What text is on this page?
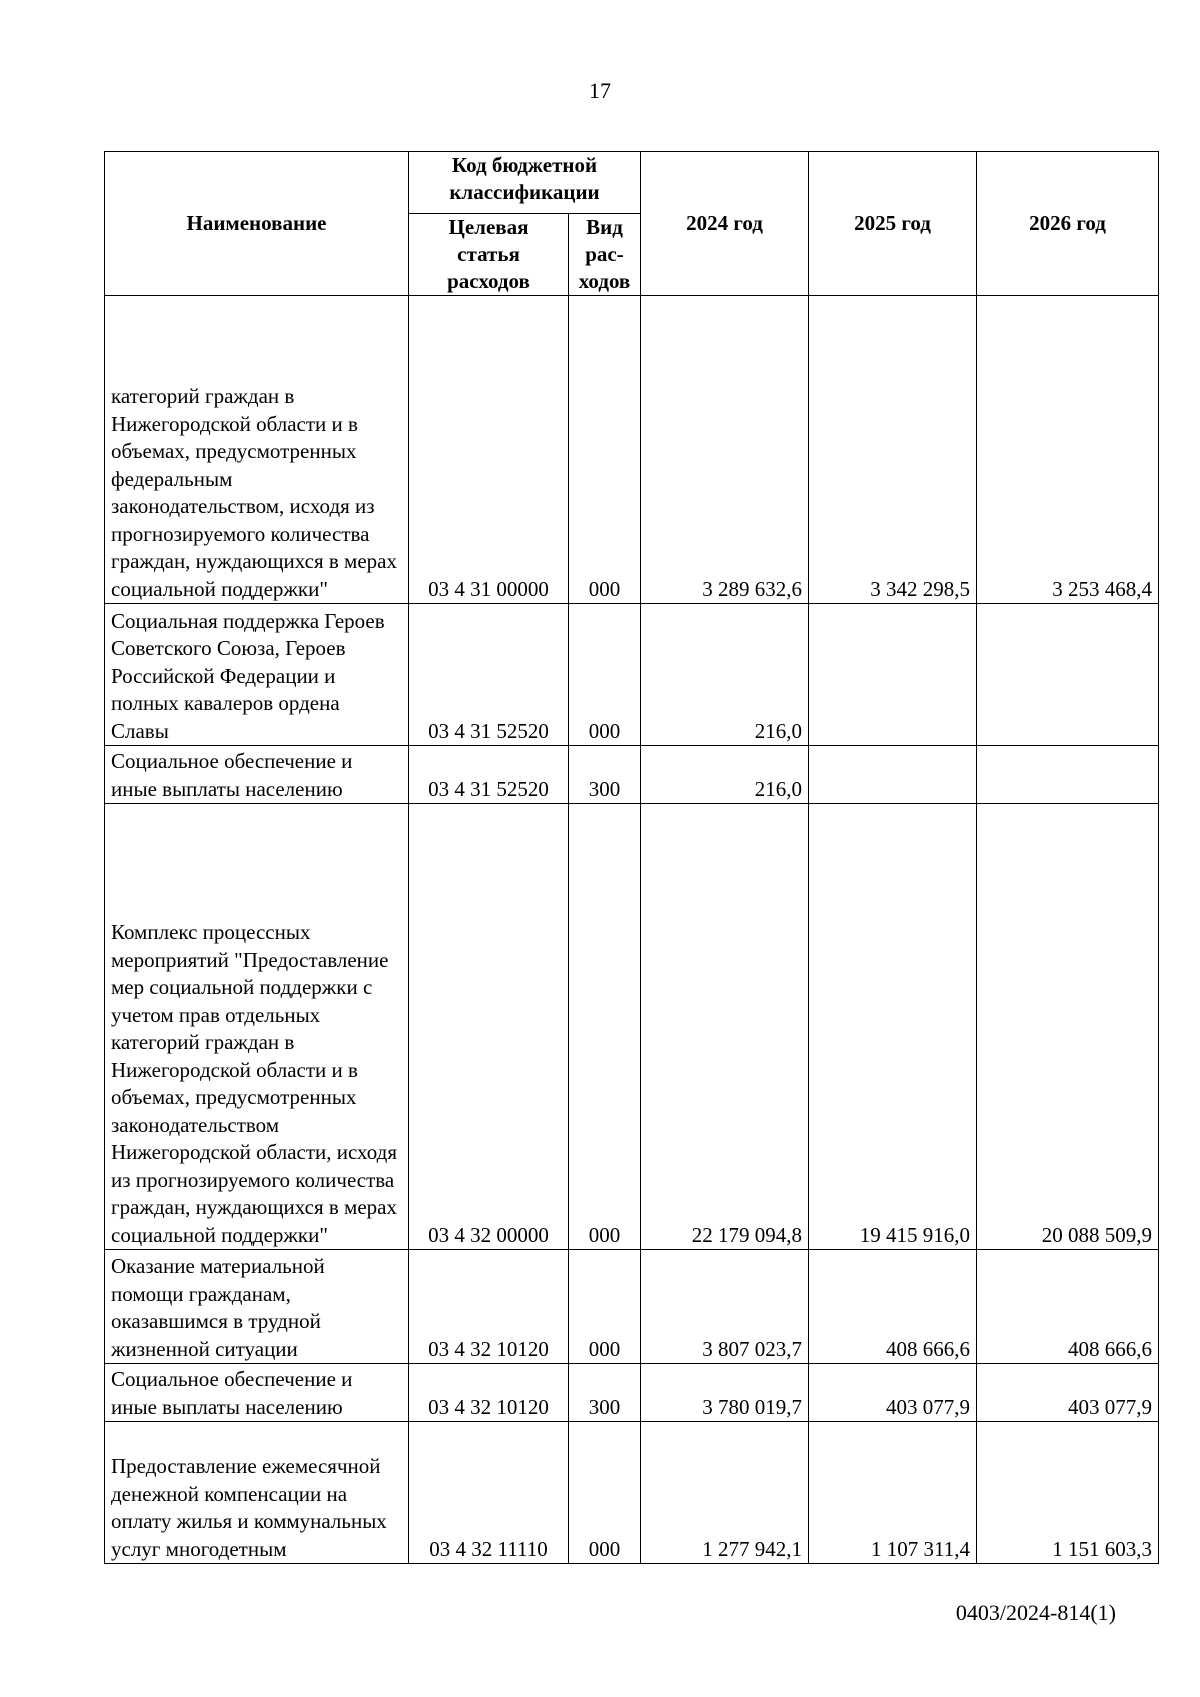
17
Наименование	Код бюджетной классификации		2024 год	2025 год	2026 год
	Целевая статья расходов	Вид рас-ходов			
категорий граждан в Нижегородской области и в объемах, предусмотренных федеральным законодательством, исходя из прогнозируемого количества граждан, нуждающихся в мерах социальной поддержки"	03 4 31 00000	000	3 289 632,6	3 342 298,5	3 253 468,4
Социальная поддержка Героев Советского Союза, Героев Российской Федерации и полных кавалеров ордена Славы	03 4 31 52520	000	216,0		
Социальное обеспечение и иные выплаты населению	03 4 31 52520	300	216,0		
Комплекс процессных мероприятий "Предоставление мер социальной поддержки с учетом прав отдельных категорий граждан в Нижегородской области и в объемах, предусмотренных законодательством Нижегородской области, исходя из прогнозируемого количества граждан, нуждающихся в мерах социальной поддержки"	03 4 32 00000	000	22 179 094,8	19 415 916,0	20 088 509,9
Оказание материальной помощи гражданам, оказавшимся в трудной жизненной ситуации	03 4 32 10120	000	3 807 023,7	408 666,6	408 666,6
Социальное обеспечение и иные выплаты населению	03 4 32 10120	300	3 780 019,7	403 077,9	403 077,9
Предоставление ежемесячной денежной компенсации на оплату жилья и коммунальных услуг многодетным	03 4 32 11110	000	1 277 942,1	1 107 311,4	1 151 603,3
0403/2024-814(1)
